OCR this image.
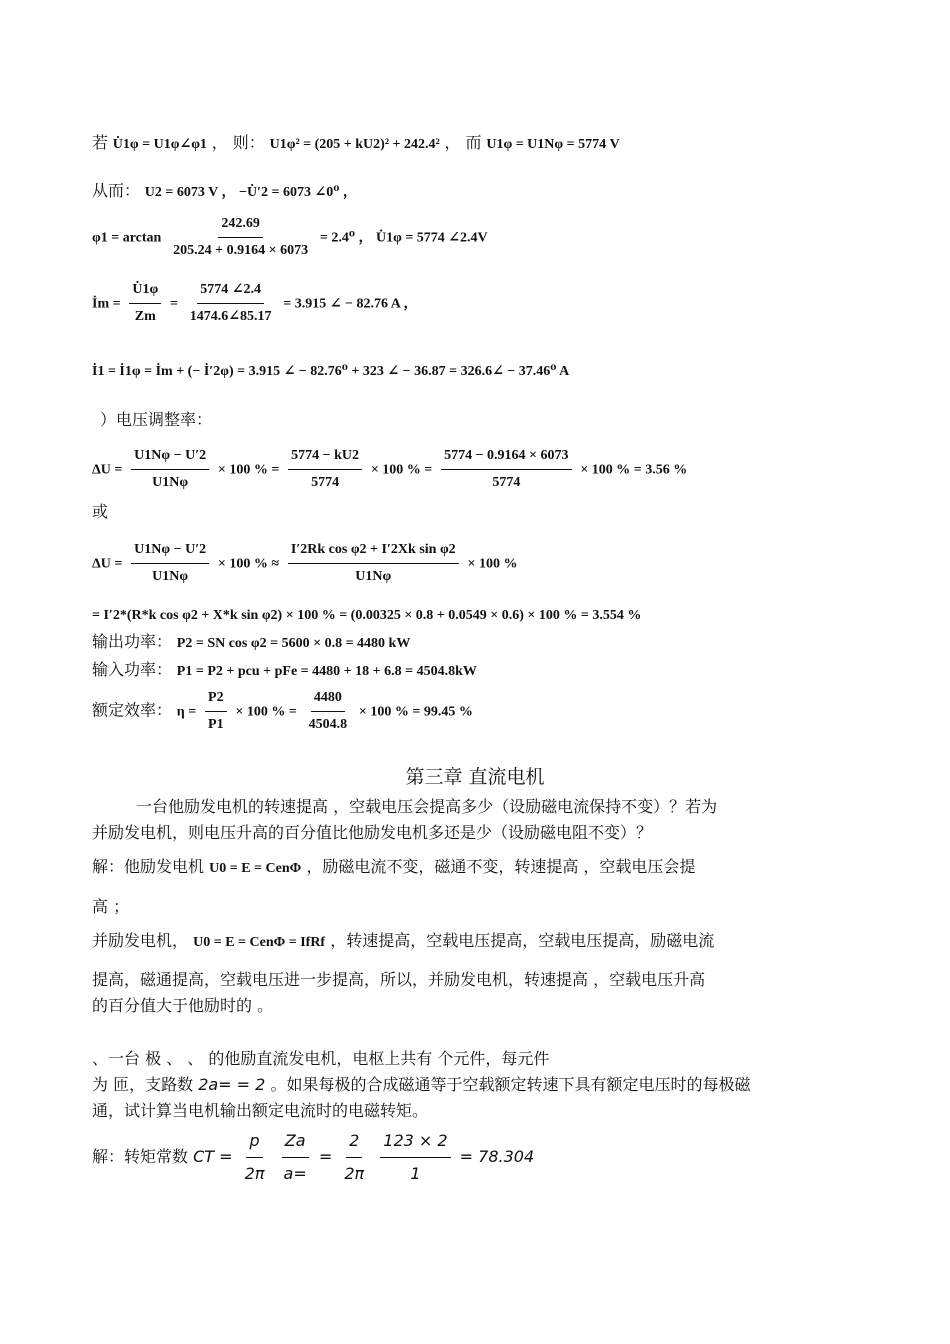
若 U̇1φ = U1φ∠φ1 ， 则： U1φ² = (205 + kU2)² + 242.4² ， 而 U1φ = U1Nφ = 5774 V
从而： U2 = 6073 V ， −U̇′2 = 6073 ∠0⁰ ，
$\varphi 1 = \arctan \frac{242.69}{205.24 + 0.9164 \times 6073} = 2.4^0$ ， U̇1φ = 5774 ∠2.4V
İm = $\frac{U̇1\varphi}{Zm} = \frac{5774 \angle 2.4}{1474.6\angle 85.17} = 3.915$ ∠ − 82.76 A ，
İ1 = İ1φ = İm + (− İ′2φ) = 3.915 ∠ − 82.76⁰ + 323 ∠ − 36.87 = 326.6∠ − 37.46⁰ A
）电压调整率：
$\Delta U = \frac{U1N\varphi - U'2}{U1N\varphi} \times 100$ % = $\frac{5774 - kU2}{5774} \times 100$ % = $\frac{5774 - 0.9164 \times 6073}{5774} \times 100$ % = 3.56 %
或
$\Delta U = \frac{U1N\varphi - U'2}{U1N\varphi} \times 100$ % ≈ $\frac{\text{I′2Rk cos φ2 + I′2Xk sin φ2}}{U1N\varphi} \times 100$ %
= I′2*(R*k cos φ2 + X*k sin φ2) × 100 % = (0.00325 × 0.8 + 0.0549 × 0.6) × 100 % = 3.554 %
输出功率： P2 = SN cos φ2 = 5600 × 0.8 = 4480 kW
输入功率： P1 = P2 + pcu + pFe = 4480 + 18 + 6.8 = 4504.8kW
额定效率： $\eta = \frac{P2}{P1} \times 100$ % = $\frac{4480}{4504.8} \times 100$ % = 99.45 %
第三章 直流电机
一台他励发电机的转速提高 ，空载电压会提高多少（设励磁电流保持不变）？若为
并励发电机，则电压升高的百分值比他励发电机多还是少（设励磁电阻不变）？
解：他励发电机 U0 = E = CenΦ ，励磁电流不变，磁通不变，转速提高 ，空载电压会提
高 ；
并励发电机， U0 = E = CenΦ = IfRf ，转速提高，空载电压提高，空载电压提高，励磁电流
提高，磁通提高，空载电压进一步提高，所以，并励发电机，转速提高 ，空载电压升高
的百分值大于他励时的 。
、一台 极 、 、 的他励直流发电机，电枢上共有 个元件，每元件
为 匝，支路数 2a= = 2 。如果每极的合成磁通等于空载额定转速下具有额定电压时的每极磁
通，试计算当电机输出额定电流时的电磁转矩。
解：转矩常数 CT = $\frac{p}{2\pi}$
$\frac{Za}{a=} = \frac{2}{2\pi}$
$\frac{123 \times 2}{1} = 78.304$
